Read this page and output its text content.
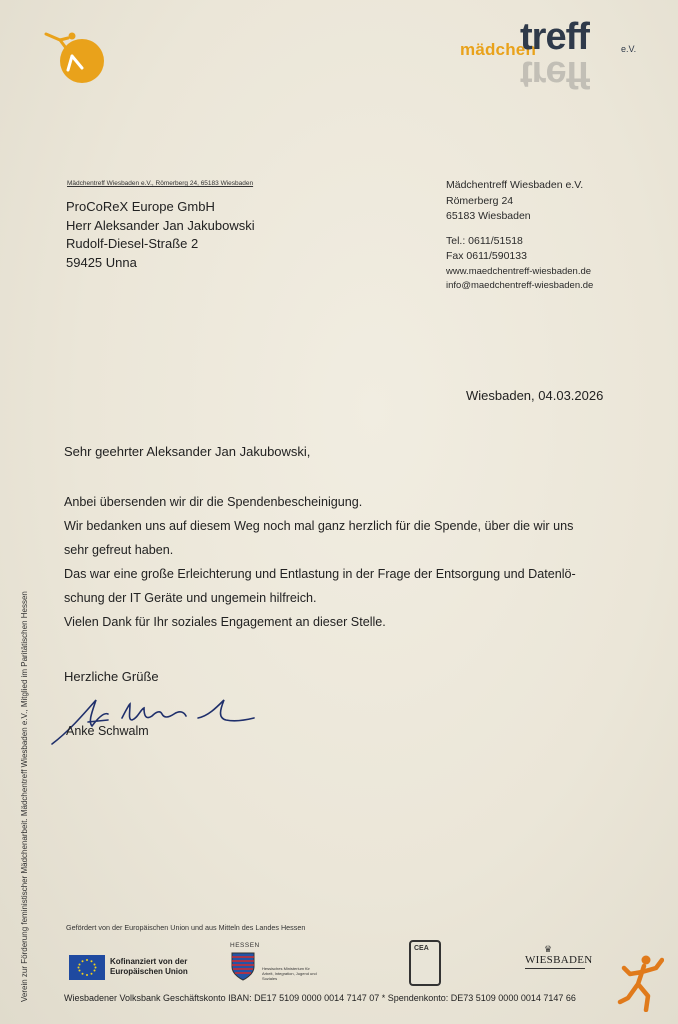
mädchen
treff
treff	e.V.
Mädchentreff Wiesbaden e.V., Römerberg 24, 65183 Wiesbaden
ProCoReX Europe GmbH
Herr Aleksander Jan Jakubowski
Rudolf-Diesel-Straße 2
59425 Unna
Mädchentreff Wiesbaden e.V.
Römerberg 24
65183 Wiesbaden
Tel.: 0611/51518
Fax 0611/590133
www.maedchentreff-wiesbaden.de
info@maedchentreff-wiesbaden.de
Wiesbaden, 04.03.2026
Sehr geehrter Aleksander Jan Jakubowski,
Anbei übersenden wir dir die Spendenbescheinigung.
Wir bedanken uns auf diesem Weg noch mal ganz herzlich für die Spende, über die wir uns
sehr gefreut haben.
Das war eine große Erleichterung und Entlastung in der Frage der Entsorgung und Datenlö-
schung der IT Geräte und ungemein hilfreich.
Vielen Dank für Ihr soziales Engagement an dieser Stelle.
Herzliche Grüße
Anke Schwalm
Verein zur Förderung feministischer Mädchenarbeit. Mädchentreff Wiesbaden e.V., Mitglied im Paritätischen Hessen	Gefördert von der Europäischen Union und aus Mitteln des Landes Hessen
Kofinanziert von der
Europäischen Union
HESSEN
Hessisches Ministerium für Arbeit, Integration, Jugend und Soziales
CEA	♛
WIESBADEN
Wiesbadener Volksbank Geschäftskonto IBAN: DE17 5109 0000 0014 7147 07 * Spendenkonto: DE73 5109 0000 0014 7147 66
